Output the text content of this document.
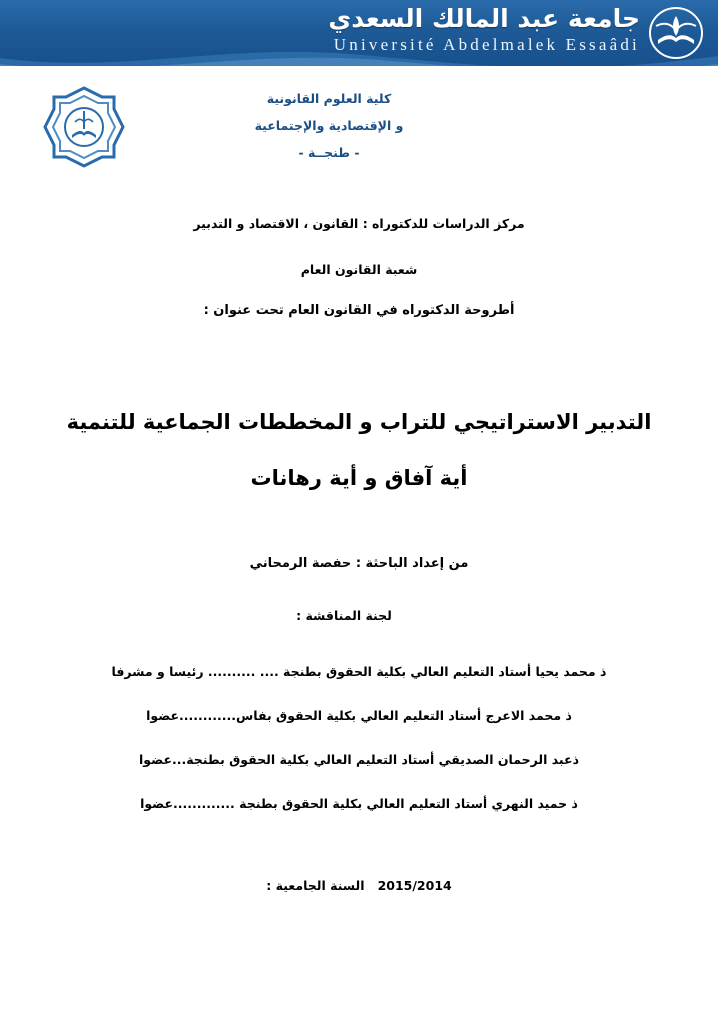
جامعة عبد المالك السعدي
Université Abdelmalek Essaâdi

كلية العلوم القانونية

و الإقتصادية والإجتماعية

- طنجــة -

مركز الدراسات للدكتوراه : القانون ، الاقتصاد و التدبير
شعبة القانون العام
أطروحة الدكتوراه في القانون العام تحت عنوان :
التدبير الاستراتيجي للتراب و المخططات الجماعية للتنمية
أية آفاق و أية رهانات
من إعداد الباحثة : حفصة الرمحاني
لجنة المناقشة :
ذ محمد يحيا أستاد التعليم العالي بكلية الحقوق بطنجة .... .......... رئيسا و مشرفا
ذ محمد الاعرج أستاد التعليم العالي بكلية الحقوق بفاس............عضوا
ذعبد الرحمان الصديقي أستاد التعليم العالي بكلية الحقوق بطنجة...عضوا
ذ حميد النهري أستاد التعليم العالي بكلية الحقوق بطنجة .............عضوا
2015/2014   السنة الجامعية :
